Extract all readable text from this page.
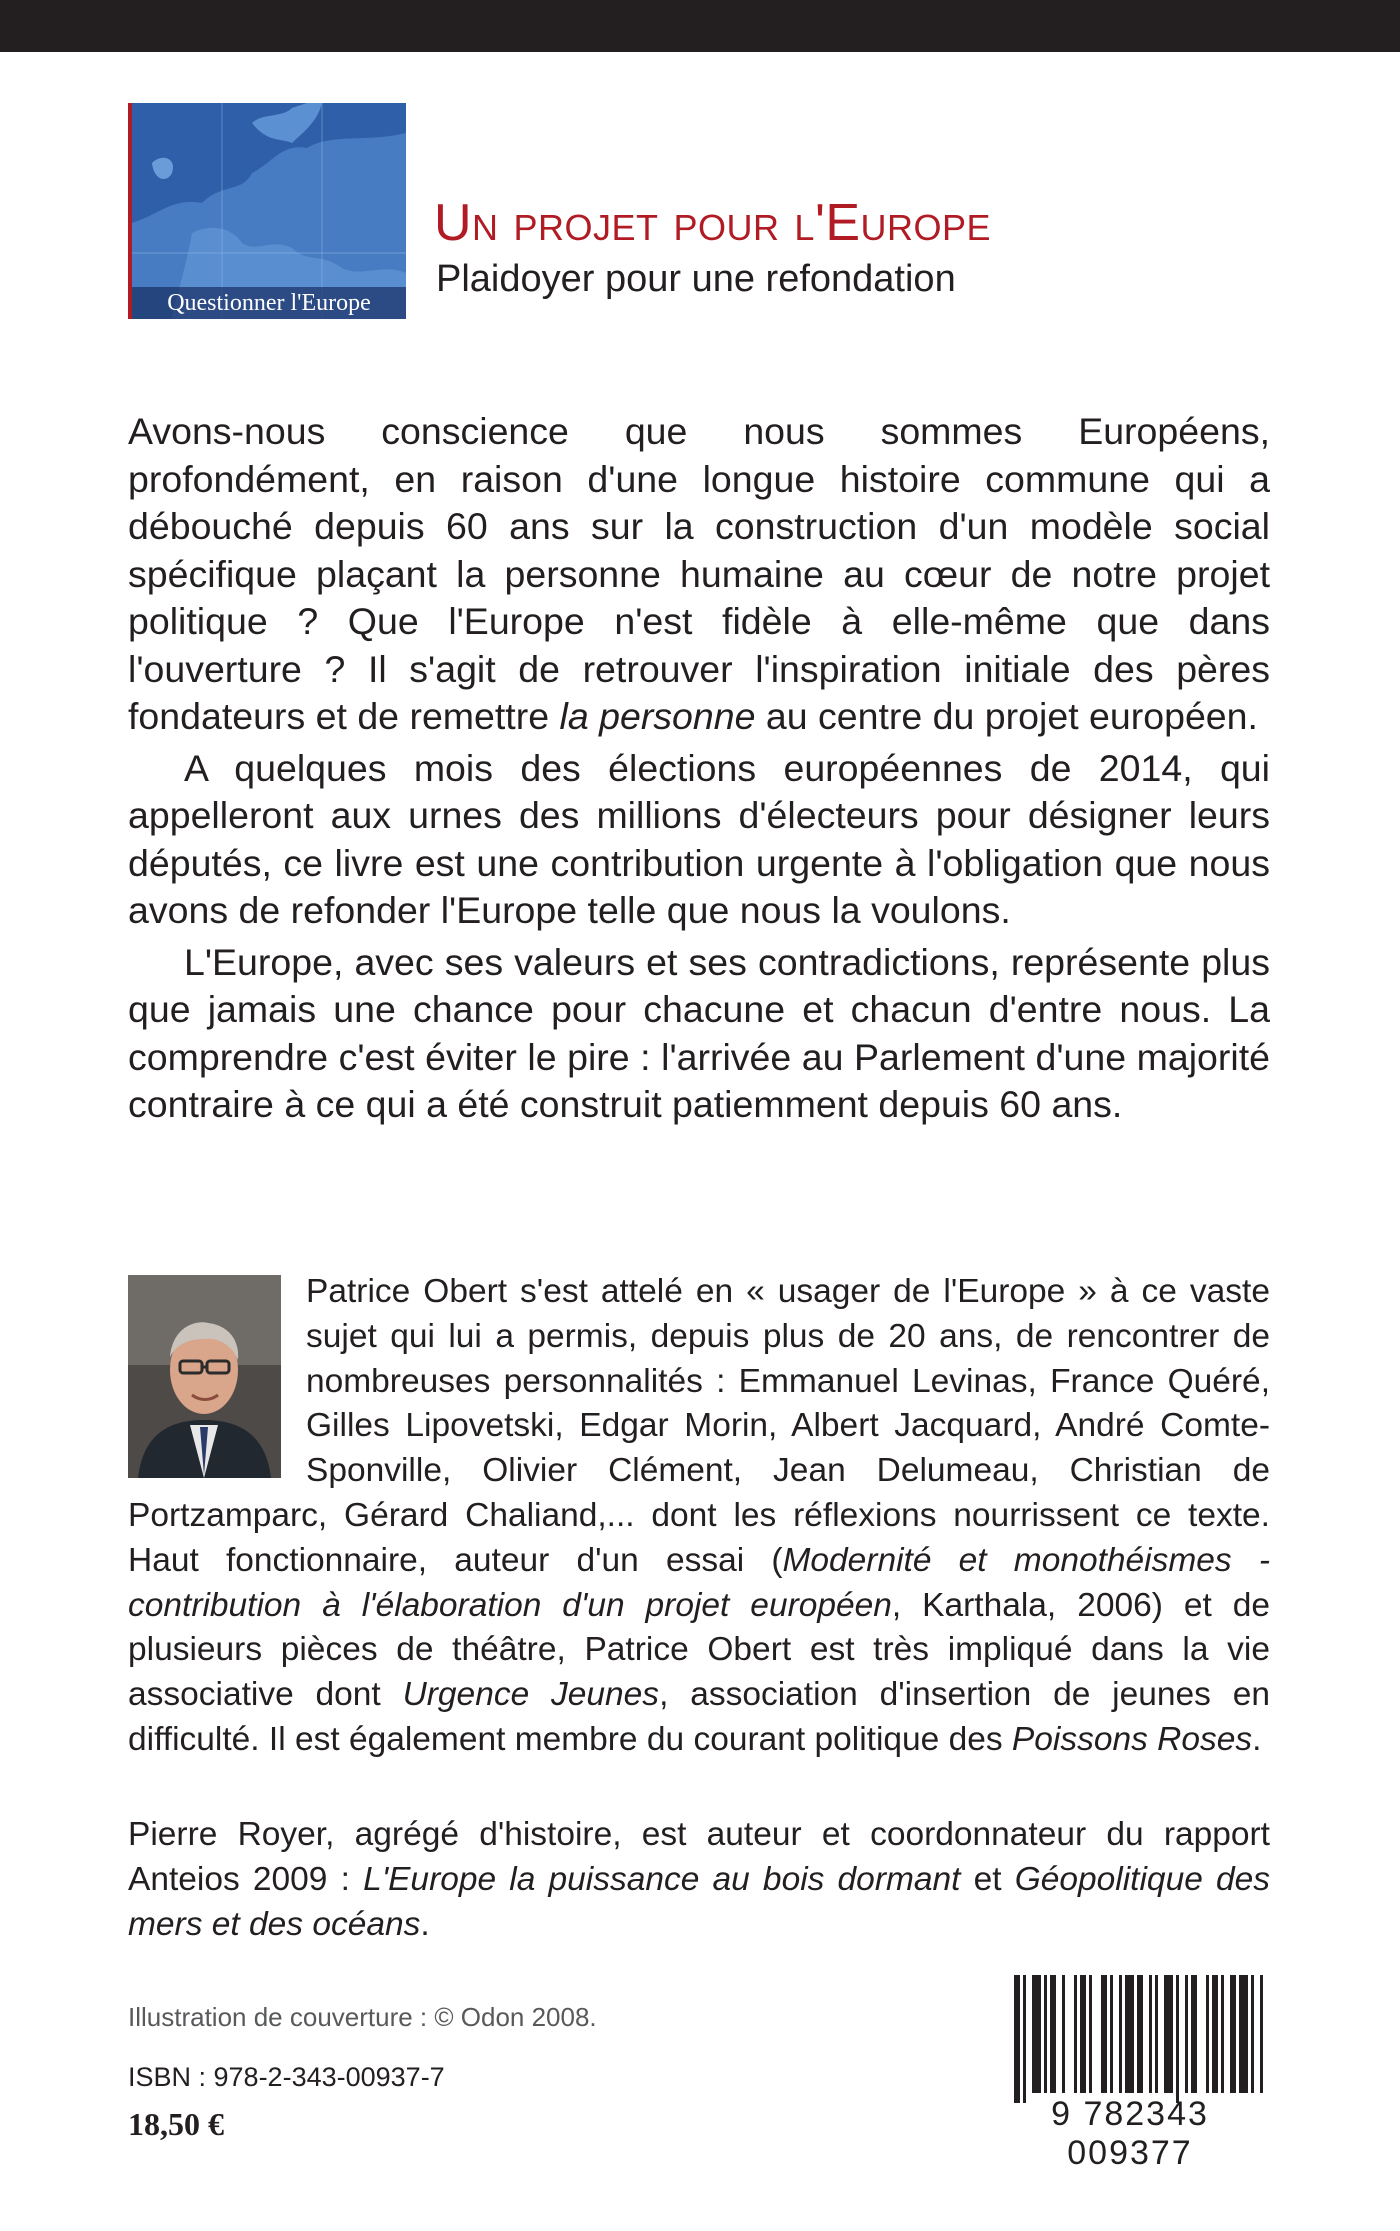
Questionner l'Europe
Un projet pour l'Europe
Plaidoyer pour une refondation

Avons-nous conscience que nous sommes Européens, profondément, en raison d'une longue histoire commune qui a débouché depuis 60 ans sur la construction d'un modèle social spécifique plaçant la personne humaine au cœur de notre projet politique ? Que l'Europe n'est fidèle à elle-même que dans l'ouverture ? Il s'agit de retrouver l'inspiration initiale des pères fondateurs et de remettre la personne au centre du projet européen.

A quelques mois des élections européennes de 2014, qui appelleront aux urnes des millions d'électeurs pour désigner leurs députés, ce livre est une contribution urgente à l'obligation que nous avons de refonder l'Europe telle que nous la voulons.

L'Europe, avec ses valeurs et ses contradictions, représente plus que jamais une chance pour chacune et chacun d'entre nous. La comprendre c'est éviter le pire : l'arrivée au Parlement d'une majorité contraire à ce qui a été construit patiemment depuis 60 ans.

Patrice Obert s'est attelé en « usager de l'Europe » à ce vaste sujet qui lui a permis, depuis plus de 20 ans, de rencontrer de nombreuses personnalités : Emmanuel Levinas, France Quéré, Gilles Lipovetski, Edgar Morin, Albert Jacquard, André Comte-Sponville, Olivier Clément, Jean Delumeau, Christian de Portzamparc, Gérard Chaliand,... dont les réflexions nourrissent ce texte. Haut fonctionnaire, auteur d'un essai (Modernité et monothéismes - contribution à l'élaboration d'un projet européen, Karthala, 2006) et de plusieurs pièces de théâtre, Patrice Obert est très impliqué dans la vie associative dont Urgence Jeunes, association d'insertion de jeunes en difficulté. Il est également membre du courant politique des Poissons Roses.

Pierre Royer, agrégé d'histoire, est auteur et coordonnateur du rapport Anteios 2009 : L'Europe la puissance au bois dormant et Géopolitique des mers et des océans.

Illustration de couverture : © Odon 2008.
ISBN : 978-2-343-00937-7
18,50 €	9 782343 009377
